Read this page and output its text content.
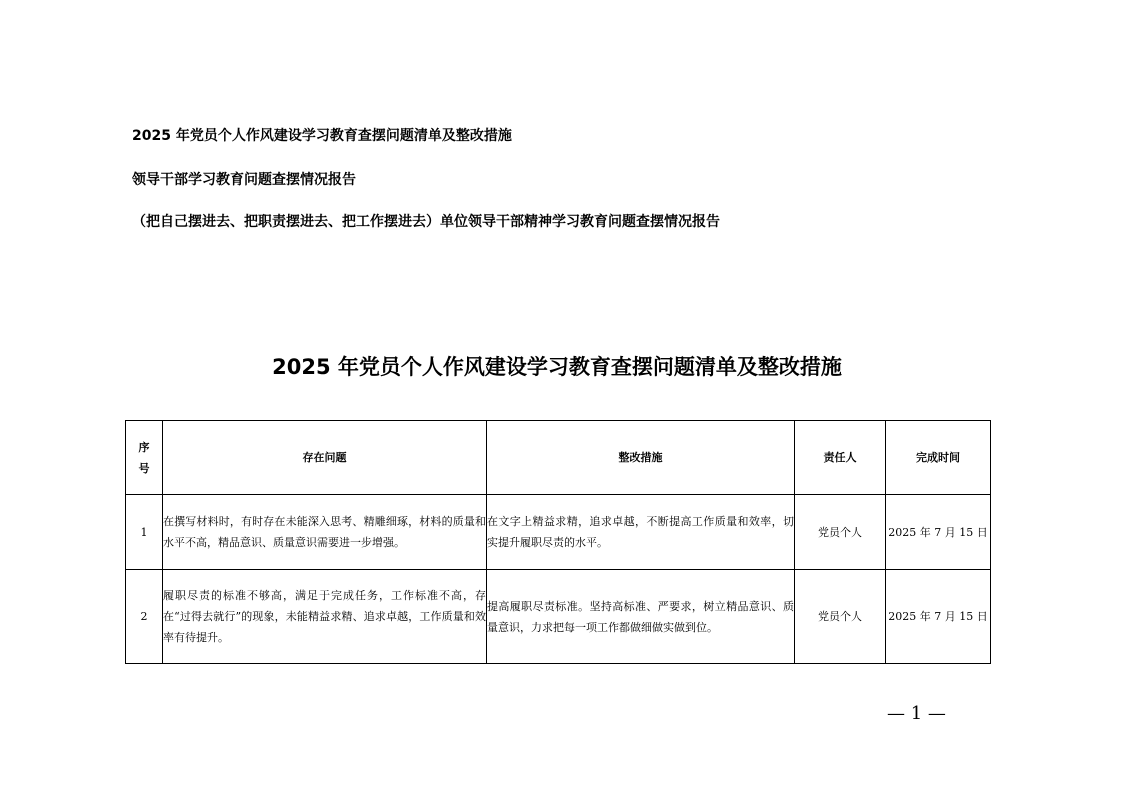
2025 年党员个人作风建设学习教育查摆问题清单及整改措施
领导干部学习教育问题查摆情况报告
（把自己摆进去、把职责摆进去、把工作摆进去）单位领导干部精神学习教育问题查摆情况报告
2025 年党员个人作风建设学习教育查摆问题清单及整改措施
序
号	存在问题	整改措施	责任人	完成时间
1	在撰写材料时，有时存在未能深入思考、精雕细琢，材料的质量和水平不高，精品意识、质量意识需要进一步增强。	在文字上精益求精，追求卓越，不断提高工作质量和效率，切实提升履职尽责的水平。	党员个人	2025 年 7 月 15 日
2	履职尽责的标准不够高，满足于完成任务，工作标准不高，存在“过得去就行”的现象，未能精益求精、追求卓越，工作质量和效率有待提升。	提高履职尽责标准。坚持高标准、严要求，树立精品意识、质量意识，力求把每一项工作都做细做实做到位。	党员个人	2025 年 7 月 15 日
— 1 —
